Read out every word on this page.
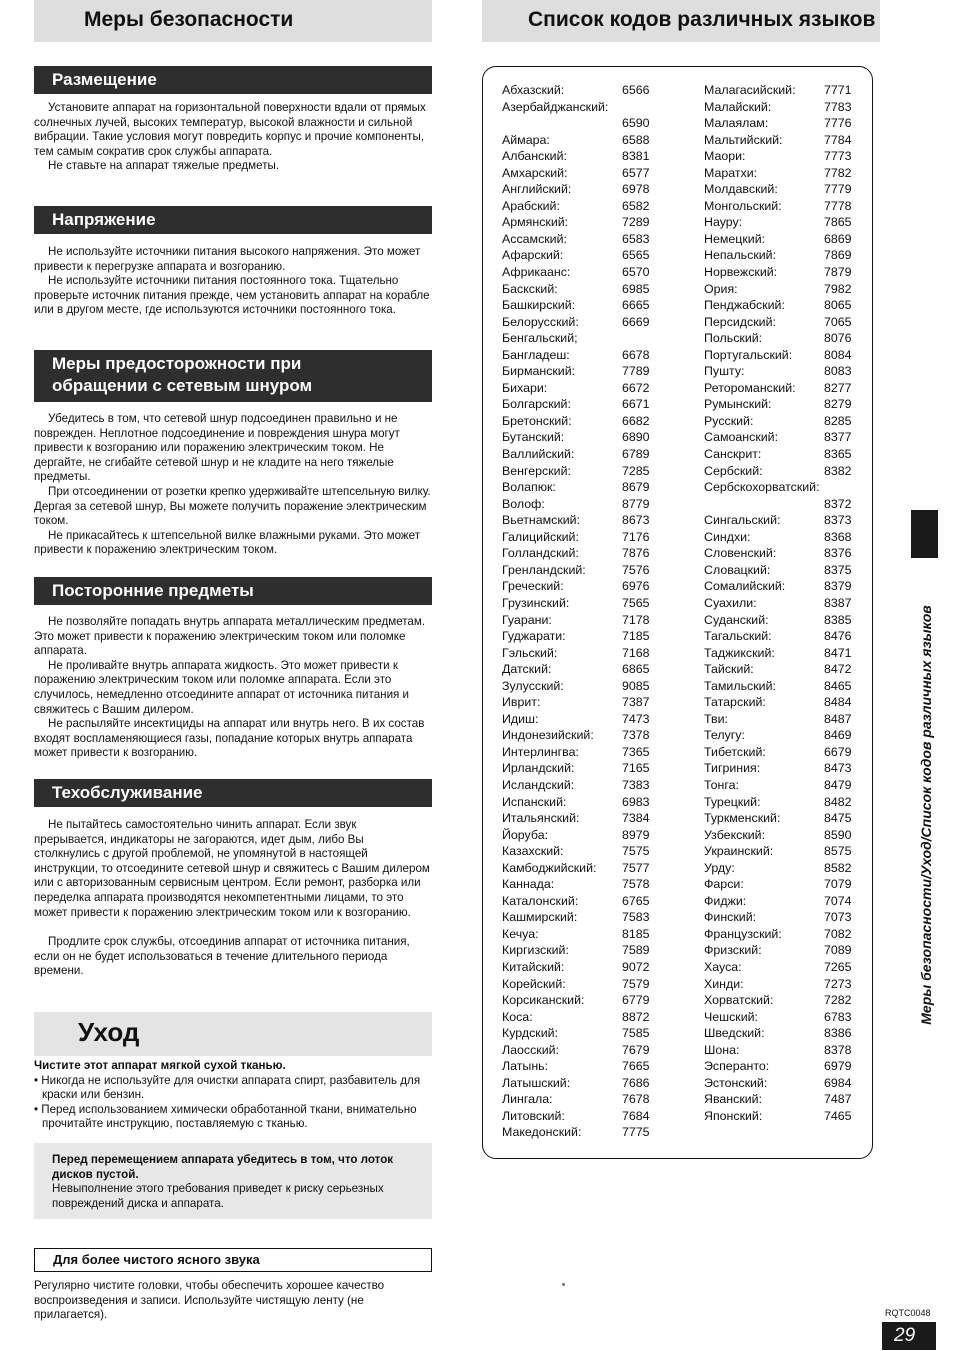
Меры безопасности	Список кодов различных языков
Размещение

Установите аппарат на горизонтальной поверхности вдали от прямых солнечных лучей, высоких температур, высокой влажности и сильной вибрации. Такие условия могут повредить корпус и прочие компоненты, тем самым сократив срок службы аппарата.

Не ставьте на аппарат тяжелые предметы.

Напряжение

Не используйте источники питания высокого напряжения. Это может привести к перегрузке аппарата и возгоранию.

Не используйте источники питания постоянного тока. Тщательно проверьте источник питания прежде, чем установить аппарат на корабле или в другом месте, где используются источники постоянного тока.

Меры предосторожности при
обращении с сетевым шнуром

Убедитесь в том, что сетевой шнур подсоединен правильно и не поврежден. Неплотное подсоединение и повреждения шнура могут привести к возгоранию или поражению электрическим током. Не дергайте, не сгибайте сетевой шнур и не кладите на него тяжелые предметы.

При отсоединении от розетки крепко удерживайте штепсельную вилку. Дергая за сетевой шнур, Вы можете получить поражение электрическим током.

Не прикасайтесь к штепсельной вилке влажными руками. Это может привести к поражению электрическим током.

Посторонние предметы

Не позволяйте попадать внутрь аппарата металлическим предметам. Это может привести к поражению электрическим током или поломке аппарата.

Не проливайте внутрь аппарата жидкость. Это может привести к поражению электрическим током или поломке аппарата. Если это случилось, немедленно отсоедините аппарат от источника питания и свяжитесь с Вашим дилером.

Не распыляйте инсектициды на аппарат или внутрь него. В их состав входят воспламеняющиеся газы, попадание которых внутрь аппарата может привести к возгоранию.

Техобслуживание

Не пытайтесь самостоятельно чинить аппарат. Если звук прерывается, индикаторы не загораются, идет дым, либо Вы столкнулись с другой проблемой, не упомянутой в настоящей инструкции, то отсоедините сетевой шнур и свяжитесь с Вашим дилером или с авторизованным сервисным центром. Если ремонт, разборка или переделка аппарата производятся некомпетентными лицами, то это может привести к поражению электрическим током или к возгоранию.

Продлите срок службы, отсоединив аппарат от источника питания, если он не будет использоваться в течение длительного периода времени.

Уход

Чистите этот аппарат мягкой сухой тканью.

• Никогда не используйте для очистки аппарата спирт, разбавитель для краски или бензин.

• Перед использованием химически обработанной ткани, внимательно прочитайте инструкцию, поставляемую с тканью.

Перед перемещением аппарата убедитесь в том, что лоток дисков пустой.
Невыполнение этого требования приведет к риску серьезных повреждений диска и аппарата.
Для более чистого ясного звука
Регулярно чистите головки, чтобы обеспечить хорошее качество воспроизведения и записи. Используйте чистящую ленту (не прилагается).
Абхазский:	6566
Азербайджанский:
6590
Аймара:	6588
Албанский:	8381
Амхарский:	6577
Английский:	6978
Арабский:	6582
Армянский:	7289
Ассамский:	6583
Афарский:	6565
Африкаанс:	6570
Баскский:	6985
Башкирский:	6665
Белорусский:	6669
Бенгальский;
Бангладеш:	6678
Бирманский:	7789
Бихари:	6672
Болгарский:	6671
Бретонский:	6682
Бутанский:	6890
Валлийский:	6789
Венгерский:	7285
Волапюк:	8679
Волоф:	8779
Вьетнамский:	8673
Галицийский:	7176
Голландский:	7876
Гренландский:	7576
Греческий:	6976
Грузинский:	7565
Гуарани:	7178
Гуджарати:	7185
Гэльский:	7168
Датский:	6865
Зулусский:	9085
Иврит:	7387
Идиш:	7473
Индонезийский: 7378
Интерлингва:	7365
Ирландский:	7165
Исландский:	7383
Испанский:	6983
Итальянский:	7384
Йоруба:	8979
Казахский:	7575
Камбоджийский: 7577
Каннада:	7578
Каталонский:	6765
Кашмирский:	7583
Кечуа:	8185
Киргизский:	7589
Китайский:	9072
Корейский:	7579
Корсиканский:	6779
Коса:	8872
Курдский:	7585
Лаосский:	7679
Латынь:	7665
Латышский:	7686
Лингала:	7678
Литовский:	7684
Македонский:	7775
Малагасийский: 7771
Малайский:	7783
Малаялам:	7776
Мальтийский:	7784
Маори:	7773
Маратхи:	7782
Молдавский:	7779
Монгольский:	7778
Науру:	7865
Немецкий:	6869
Непальский:	7869
Норвежский:	7879
Ория:	7982
Пенджабский:	8065
Персидский:	7065
Польский:	8076
Португальский:	8084
Пушту:	8083
Ретороманский: 8277
Румынский:	8279
Русский:	8285
Самоанский:	8377
Санскрит:	8365
Сербский:	8382
Сербскохорватский:
8372
Сингальский:	8373
Синдхи:	8368
Словенский:	8376
Словацкий:	8375
Сомалийский:	8379
Суахили:	8387
Суданский:	8385
Тагальский:	8476
Таджикский:	8471
Тайский:	8472
Тамильский:	8465
Татарский:	8484
Тви:	8487
Телугу:	8469
Тибетский:	6679
Тигриния:	8473
Тонга:	8479
Турецкий:	8482
Туркменский:	8475
Узбекский:	8590
Украинский:	8575
Урду:	8582
Фарси:	7079
Фиджи:	7074
Финский:	7073
Французский:	7082
Фризский:	7089
Хауса:	7265
Хинди:	7273
Хорватский:	7282
Чешский:	6783
Шведский:	8386
Шона:	8378
Эсперанто:	6979
Эстонский:	6984
Яванский:	7487
Японский:	7465
Меры безопасности/Уход/Список кодов различных языков
RQTC0048
29
